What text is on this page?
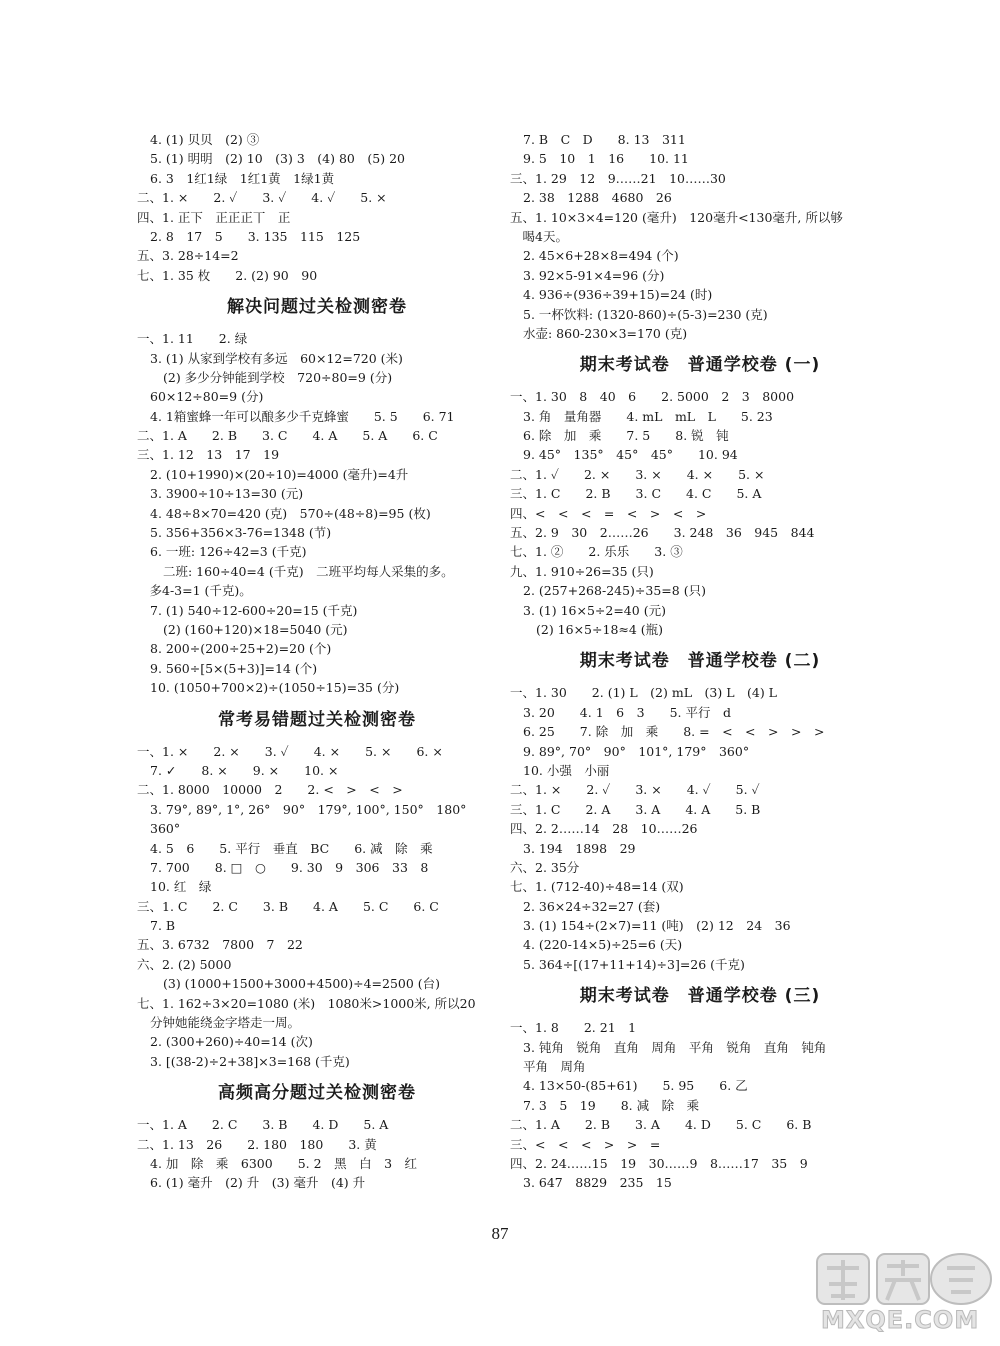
4. (1) 贝贝　(2) ③
5. (1) 明明　(2) 10　(3) 3　(4) 80　(5) 20
6. 3　1红1绿　1红1黄　1绿1黄
二、1. ×　　2. ✓　　3. ✓　　4. ✓　　5. ×
四、1. 正下　正正正丅　正
2. 8　17　5　　3. 135　115　125
五、3. 28÷14=2
七、1. 35 枚　　2. (2) 90　90
解决问题过关检测密卷
一、1. 11　　2. 绿
3. (1) 从家到学校有多远　60×12=720 (米)
(2) 多少分钟能到学校　720÷80=9 (分)
60×12÷80=9 (分)
4. 1箱蜜蜂一年可以酿多少千克蜂蜜　　5. 5　　6. 71
二、1. A　　2. B　　3. C　　4. A　　5. A　　6. C
三、1. 12　13　17　19
2. (10+1990)×(20÷10)=4000 (毫升)=4升
3. 3900÷10÷13=30 (元)
4. 48÷8×70=420 (克)　570÷(48÷8)=95 (枚)
5. 356+356×3-76=1348 (节)
6. 一班: 126÷42=3 (千克)
二班: 160÷40=4 (千克)　二班平均每人采集的多。
　多4-3=1 (千克)。
7. (1) 540÷12-600÷20=15 (千克)
(2) (160+120)×18=5040 (元)
8. 200÷(200÷25+2)=20 (个)
9. 560÷[5×(5+3)]=14 (个)
10. (1050+700×2)÷(1050÷15)=35 (分)
常考易错题过关检测密卷
一、1. ×　　2. ×　　3. ✓　　4. ×　　5. ×　　6. ×
7. ✓　　8. ×　　9. ×　　10. ×
二、1. 8000　10000　2　　2. <　>　<　>
3. 79°, 89°, 1°, 26°　90°　179°, 100°, 150°　180°
360°
4. 5　6　　5. 平行　垂直　BC　　6. 减　除　乘
7. 700　　8. □　○　　9. 30　9　306　33　8
10. 红　绿
三、1. C　　2. C　　3. B　　4. A　　5. C　　6. C
7. B
五、3. 6732　7800　7　22
六、2. (2) 5000
(3) (1000+1500+3000+4500)÷4=2500 (台)
七、1. 162÷3×20=1080 (米)　1080米>1000米, 所以20
分钟她能绕金字塔走一周。
2. (300+260)÷40=14 (次)
3. [(38-2)÷2+38]×3=168 (千克)
高频高分题过关检测密卷
一、1. A　　2. C　　3. B　　4. D　　5. A
二、1. 13　26　　2. 180　180　　3. 黄
4. 加　除　乘　6300　　5. 2　黑　白　3　红
6. (1) 毫升　(2) 升　(3) 毫升　(4) 升
7. B　C　D　　8. 13　311
9. 5　10　1　16　　10. 11
三、1. 29　12　9……21　10……30
2. 38　1288　4680　26
五、1. 10×3×4=120 (毫升)　120毫升<130毫升, 所以够
　喝4天。
2. 45×6+28×8=494 (个)
3. 92×5-91×4=96 (分)
4. 936÷(936÷39+15)=24 (时)
5. 一杯饮料: (1320-860)÷(5-3)=230 (克)
水壶: 860-230×3=170 (克)
期末考试卷　普通学校卷 (一)
一、1. 30　8　40　6　　2. 5000　2　3　8000
3. 角　量角器　　4. mL　mL　L　　5. 23
6. 除　加　乘　　7. 5　　8. 锐　钝
9. 45°　135°　45°　45°　　10. 94
二、1. ✓　　2. ×　　3. ×　　4. ×　　5. ×
三、1. C　　2. B　　3. C　　4. C　　5. A
四、<　<　<　=　<　>　<　>
五、2. 9　30　2……26　　3. 248　36　945　844
七、1. ②　　2. 乐乐　　3. ③
九、1. 910÷26=35 (只)
2. (257+268-245)÷35=8 (只)
3. (1) 16×5÷2=40 (元)
(2) 16×5÷18≈4 (瓶)
期末考试卷　普通学校卷 (二)
一、1. 30　　2. (1) L　(2) mL　(3) L　(4) L
3. 20　　4. 1　6　3　　5. 平行　d
6. 25　　7. 除　加　乘　　8. =　<　<　>　>　>
9. 89°, 70°　90°　101°, 179°　360°
10. 小强　小丽
二、1. ×　　2. ✓　　3. ×　　4. ✓　　5. ✓
三、1. C　　2. A　　3. A　　4. A　　5. B
四、2. 2……14　28　10……26
3. 194　1898　29
六、2. 35分
七、1. (712-40)÷48=14 (双)
2. 36×24÷32=27 (套)
3. (1) 154÷(2×7)=11 (吨)　(2) 12　24　36
4. (220-14×5)÷25=6 (天)
5. 364÷[(17+11+14)÷3]=26 (千克)
期末考试卷　普通学校卷 (三)
一、1. 8　　2. 21　1
3. 钝角　锐角　直角　周角　平角　锐角　直角　钝角
平角　周角
4. 13×50-(85+61)　　5. 95　　6. 乙
7. 3　5　19　　8. 减　除　乘
二、1. A　　2. B　　3. A　　4. D　　5. C　　6. B
三、<　<　<　>　>　=
四、2. 24……15　19　30……9　8……17　35　9
3. 647　8829　235　15
87
MXQE.COM
